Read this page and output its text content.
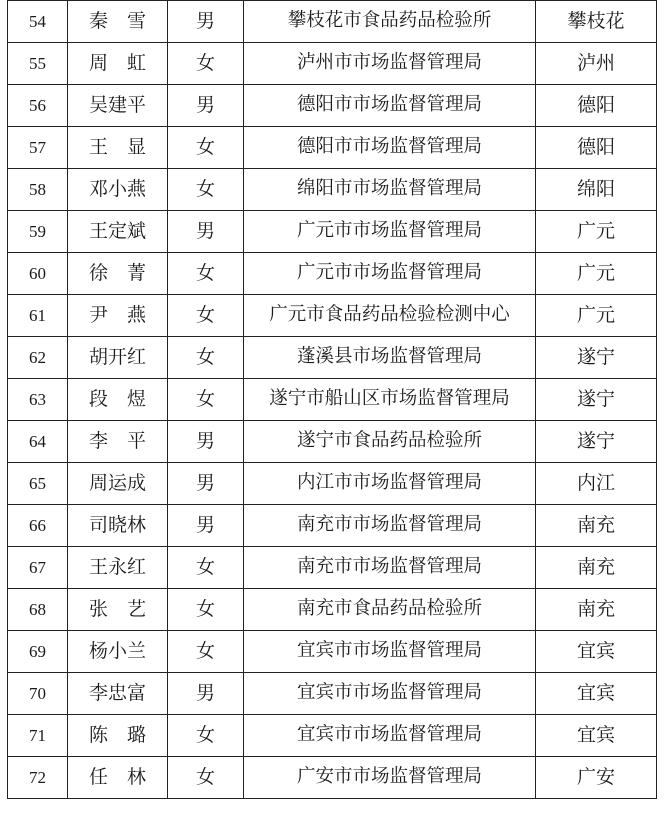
54	秦　雪	男	攀枝花市食品药品检验所	攀枝花
55	周　虹	女	泸州市市场监督管理局	泸州
56	吴建平	男	德阳市市场监督管理局	德阳
57	王　显	女	德阳市市场监督管理局	德阳
58	邓小燕	女	绵阳市市场监督管理局	绵阳
59	王定斌	男	广元市市场监督管理局	广元
60	徐　菁	女	广元市市场监督管理局	广元
61	尹　燕	女	广元市食品药品检验检测中心	广元
62	胡开红	女	蓬溪县市场监督管理局	遂宁
63	段　煜	女	遂宁市船山区市场监督管理局	遂宁
64	李　平	男	遂宁市食品药品检验所	遂宁
65	周运成	男	内江市市场监督管理局	内江
66	司晓林	男	南充市市场监督管理局	南充
67	王永红	女	南充市市场监督管理局	南充
68	张　艺	女	南充市食品药品检验所	南充
69	杨小兰	女	宜宾市市场监督管理局	宜宾
70	李忠富	男	宜宾市市场监督管理局	宜宾
71	陈　璐	女	宜宾市市场监督管理局	宜宾
72	任　林	女	广安市市场监督管理局	广安
